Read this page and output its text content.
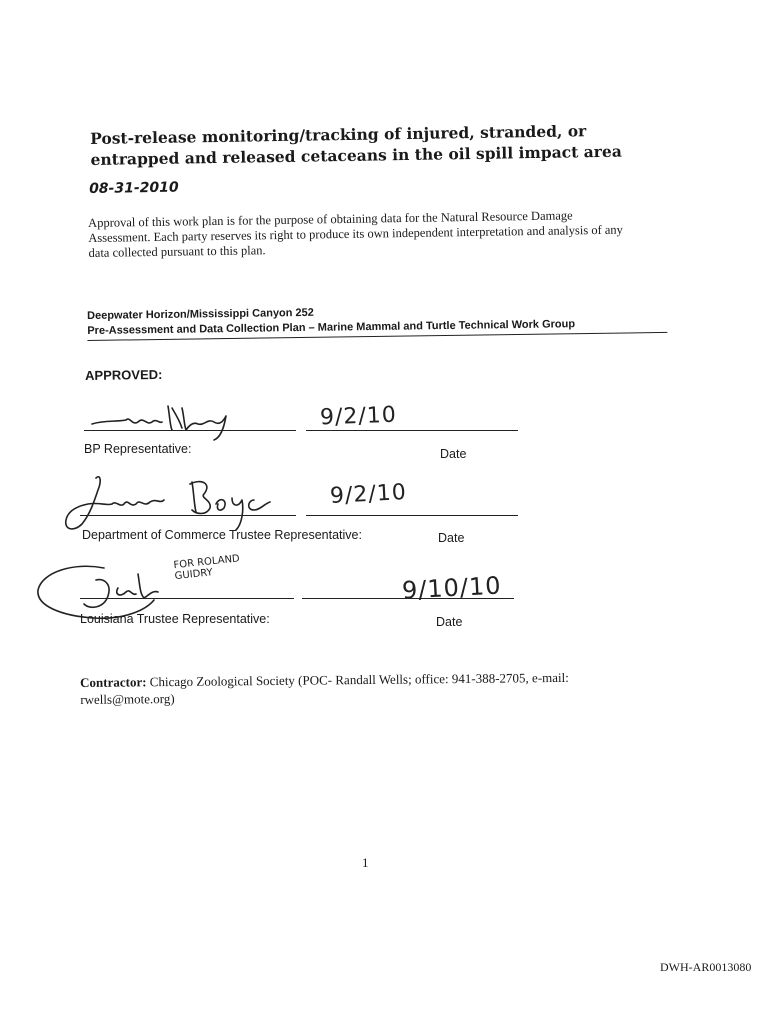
Post-release monitoring/tracking of injured, stranded, or entrapped and released cetaceans in the oil spill impact area
08-31-2010
Approval of this work plan is for the purpose of obtaining data for the Natural Resource Damage Assessment. Each party reserves its right to produce its own independent interpretation and analysis of any data collected pursuant to this plan.
Deepwater Horizon/Mississippi Canyon 252

Pre-Assessment and Data Collection Plan – Marine Mammal and Turtle Technical Work Group
APPROVED:
9/2/10
BP Representative:	Date
9/2/10
Department of Commerce Trustee Representative:	Date
FOR ROLAND GUIDRY	9/10/10
Louisiana Trustee Representative:	Date
Contractor: Chicago Zoological Society (POC- Randall Wells; office: 941-388-2705, e-mail: rwells@mote.org)
1
DWH-AR0013080
